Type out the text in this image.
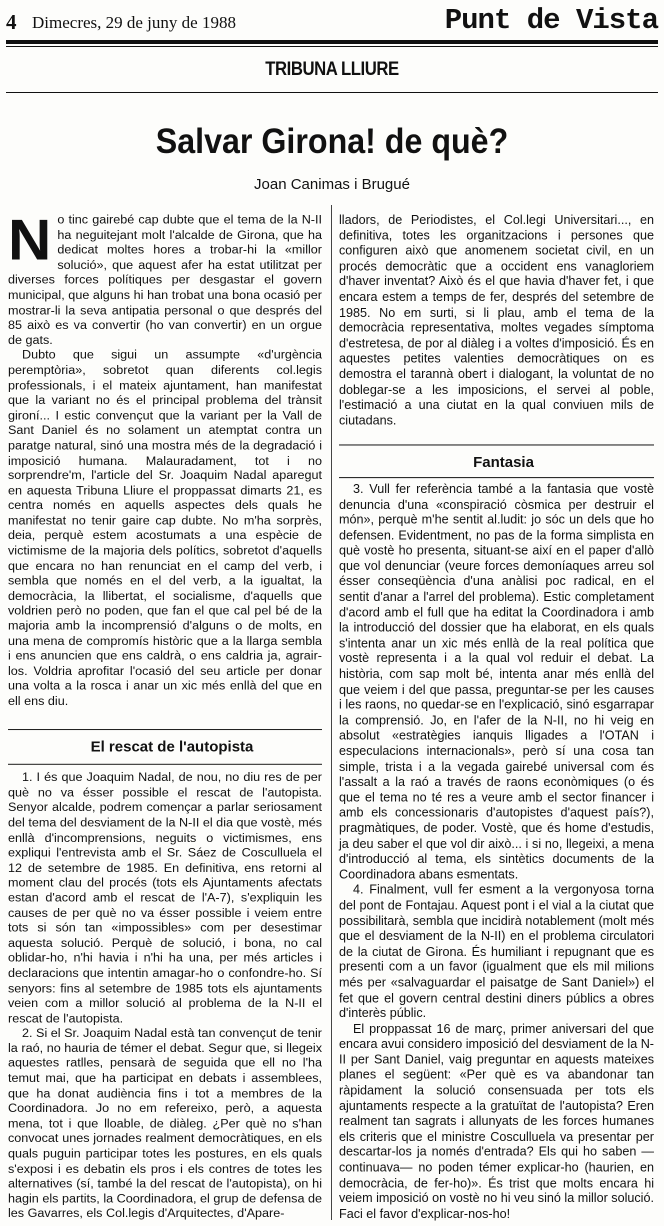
4 Dimecres, 29 de juny de 1988	Punt de Vista
TRIBUNA LLIURE
Salvar Girona! de què?
Joan Canimas i Brugué

No tinc gairebé cap dubte que el tema de la N-II ha neguitejant molt l'alcalde de Girona, que ha dedicat moltes hores a trobar-hi la «millor solució», que aquest afer ha estat utilitzat per diverses forces polítiques per desgastar el govern municipal, que alguns hi han trobat una bona ocasió per mostrar-li la seva antipatia personal o que després del 85 això es va convertir (ho van convertir) en un orgue de gats.

Dubto que sigui un assumpte «d'urgència peremptòria», sobretot quan diferents col.legis professionals, i el mateix ajuntament, han manifestat que la variant no és el principal problema del trànsit gironí... I estic convençut que la variant per la Vall de Sant Daniel és no solament un atemptat contra un paratge natural, sinó una mostra més de la degradació i imposició humana. Malauradament, tot i no sorprendre'm, l'article del Sr. Joaquim Nadal aparegut en aquesta Tribuna Lliure el proppassat dimarts 21, es centra només en aquells aspectes dels quals he manifestat no tenir gaire cap dubte. No m'ha sorprès, deia, perquè estem acostumats a una espècie de victimisme de la majoria dels polítics, sobretot d'aquells que encara no han renunciat en el camp del verb, i sembla que només en el del verb, a la igualtat, la democràcia, la llibertat, el socialisme, d'aquells que voldrien però no poden, que fan el que cal pel bé de la majoria amb la incomprensió d'alguns o de molts, en una mena de compromís històric que a la llarga sembla i ens anuncien que ens caldrà, o ens caldria ja, agrair-los. Voldria aprofitar l'ocasió del seu article per donar una volta a la rosca i anar un xic més enllà del que en ell ens diu.

El rescat de l'autopista

1. I és que Joaquim Nadal, de nou, no diu res de per què no va ésser possible el rescat de l'autopista. Senyor alcalde, podrem començar a parlar seriosament del tema del desviament de la N-II el dia que vostè, més enllà d'incomprensions, neguits o victimismes, ens expliqui l'entrevista amb el Sr. Sáez de Cosculluela el 12 de setembre de 1985. En definitiva, ens retorni al moment clau del procés (tots els Ajuntaments afectats estan d'acord amb el rescat de l'A-7), s'expliquin les causes de per què no va ésser possible i veiem entre tots si són tan «impossibles» com per desestimar aquesta solució. Perquè de solució, i bona, no cal oblidar-ho, n'hi havia i n'hi ha una, per més articles i declaracions que intentin amagar-ho o confondre-ho. Sí senyors: fins al setembre de 1985 tots els ajuntaments veien com a millor solució al problema de la N-II el rescat de l'autopista.

2. Si el Sr. Joaquim Nadal està tan convençut de tenir la raó, no hauria de témer el debat. Segur que, si llegeix aquestes ratlles, pensarà de seguida que ell no l'ha temut mai, que ha participat en debats i assemblees, que ha donat audiència fins i tot a membres de la Coordinadora. Jo no em refereixo, però, a aquesta mena, tot i que lloable, de diàleg. ¿Per què no s'han convocat unes jornades realment democràtiques, en els quals puguin participar totes les postures, en els quals s'exposi i es debatin els pros i els contres de totes les alternatives (sí, també la del rescat de l'autopista), on hi hagin els partits, la Coordinadora, el grup de defensa de les Gavarres, els Col.legis d'Arquitectes, d'Apare-

lladors, de Periodistes, el Col.legi Universitari..., en definitiva, totes les organitzacions i persones que configuren això que anomenem societat civil, en un procés democràtic que a occident ens vanagloriem d'haver inventat? Això és el que havia d'haver fet, i que encara estem a temps de fer, després del setembre de 1985. No em surti, si li plau, amb el tema de la democràcia representativa, moltes vegades símptoma d'estretesa, de por al diàleg i a voltes d'imposició. És en aquestes petites valenties democràtiques on es demostra el tarannà obert i dialogant, la voluntat de no doblegar-se a les imposicions, el servei al poble, l'estimació a una ciutat en la qual conviuen mils de ciutadans.

Fantasia

3. Vull fer referència també a la fantasia que vostè denuncia d'una «conspiració còsmica per destruir el món», perquè m'he sentit al.ludit: jo sóc un dels que ho defensen. Evidentment, no pas de la forma simplista en què vostè ho presenta, situant-se així en el paper d'allò que vol denunciar (veure forces demoníaques arreu sol ésser conseqüència d'una anàlisi poc radical, en el sentit d'anar a l'arrel del problema). Estic completament d'acord amb el full que ha editat la Coordinadora i amb la introducció del dossier que ha elaborat, en els quals s'intenta anar un xic més enllà de la real política que vostè representa i a la qual vol reduir el debat. La història, com sap molt bé, intenta anar més enllà del que veiem i del que passa, preguntar-se per les causes i les raons, no quedar-se en l'explicació, sinó esgarrapar la comprensió. Jo, en l'afer de la N-II, no hi veig en absolut «estratègies ianquis lligades a l'OTAN i especulacions internacionals», però sí una cosa tan simple, trista i a la vegada gairebé universal com és l'assalt a la raó a través de raons econòmiques (o és que el tema no té res a veure amb el sector financer i amb els concessionaris d'autopistes d'aquest país?), pragmàtiques, de poder. Vostè, que és home d'estudis, ja deu saber el que vol dir això... i si no, llegeixi, a mena d'introducció al tema, els sintètics documents de la Coordinadora abans esmentats.

4. Finalment, vull fer esment a la vergonyosa torna del pont de Fontajau. Aquest pont i el vial a la ciutat que possibilitarà, sembla que incidirà notablement (molt més que el desviament de la N-II) en el problema circulatori de la ciutat de Girona. És humiliant i repugnant que es presenti com a un favor (igualment que els mil milions més per «salvaguardar el paisatge de Sant Daniel») el fet que el govern central destini diners públics a obres d'interès públic.

El proppassat 16 de març, primer aniversari del que encara avui considero imposició del desviament de la N-II per Sant Daniel, vaig preguntar en aquests mateixes planes el següent: «Per què es va abandonar tan ràpidament la solució consensuada per tots els ajuntaments respecte a la gratuïtat de l'autopista? Eren realment tan sagrats i allunyats de les forces humanes els criteris que el ministre Cosculluela va presentar per descartar-los ja només d'entrada? Els qui ho saben —continuava— no poden témer explicar-ho (haurien, en democràcia, de fer-ho)». És trist que molts encara hi veiem imposició on vostè no hi veu sinó la millor solució. Faci el favor d'explicar-nos-ho!
